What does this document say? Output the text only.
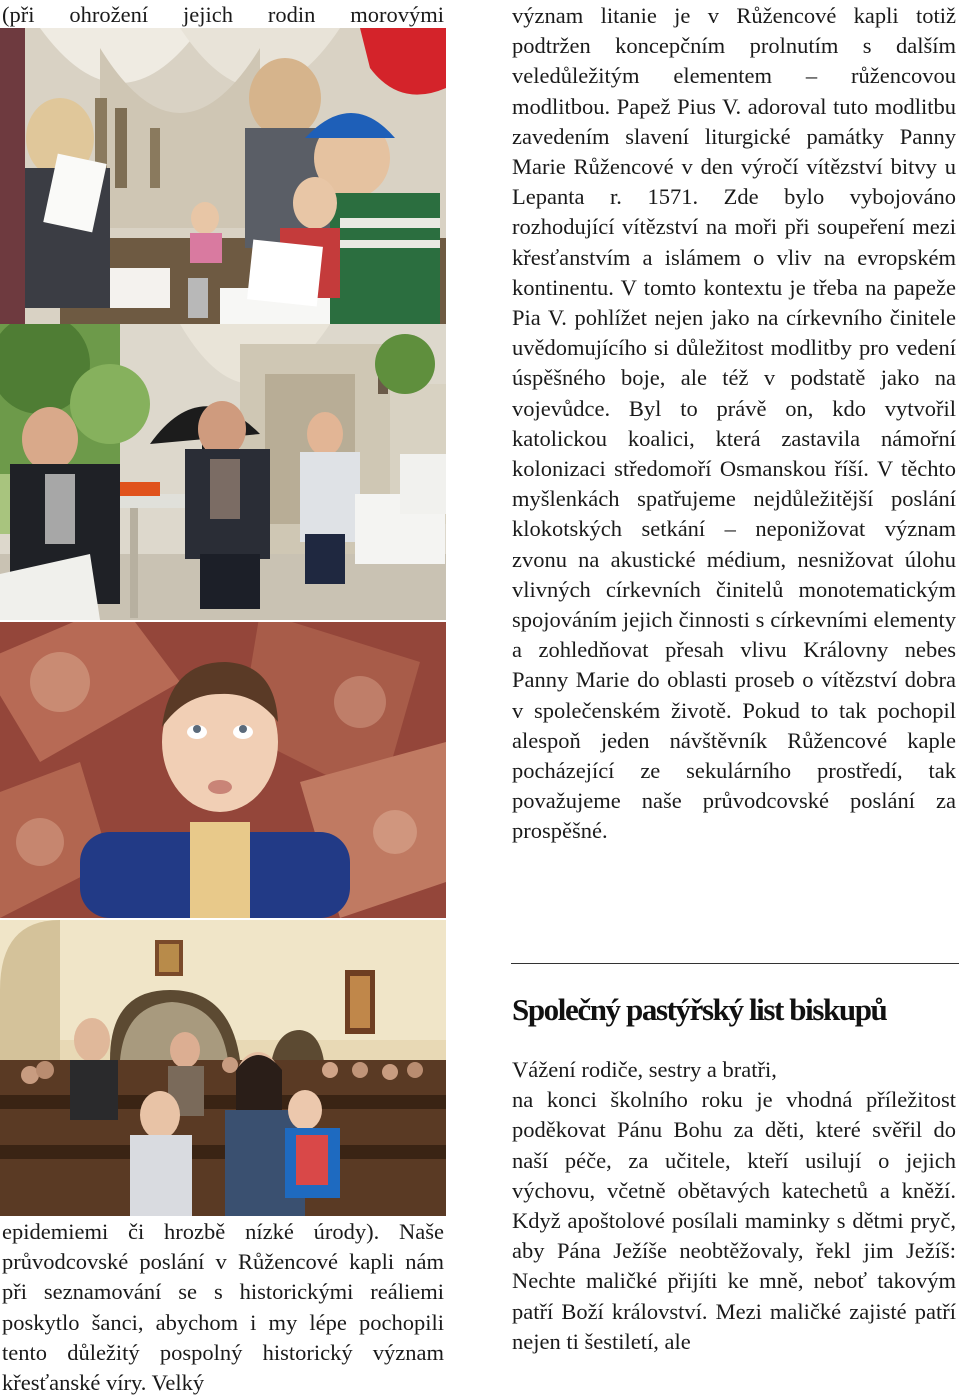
(při ohrožení jejich rodin morovými

epidemiemi či hrozbě nízké úrody). Naše průvodcovské poslání v Růžencové kapli nám při seznamování se s historickými reáliemi poskytlo šanci, abychom i my lépe pochopili tento důležitý pospolný historický význam křesťanské víry. Velký

význam litanie je v Růžencové kapli totiž podtržen koncepčním prolnutím s dalším veledůležitým elementem – růžencovou modlitbou. Papež Pius V. adoroval tuto modlitbu zavedením slavení liturgické památky Panny Marie Růžencové v den výročí vítězství bitvy u Lepanta r. 1571. Zde bylo vybojováno rozhodující vítězství na moři při soupeření mezi křesťanstvím a islámem o vliv na evropském kontinentu. V tomto kontextu je třeba na papeže Pia V. pohlížet nejen jako na církevního činitele uvědomujícího si důležitost modlitby pro vedení úspěšného boje, ale též v podstatě jako na vojevůdce. Byl to právě on, kdo vytvořil katolickou koalici, která zastavila námořní kolonizaci středomoří Osmanskou říší. V těchto myšlenkách spatřujeme nejdůležitější poslání klokotských setkání – neponižovat význam zvonu na akustické médium, nesnižovat úlohu vlivných církevních činitelů monotematickým spojováním jejich činnosti s církevními elementy a zohledňovat přesah vlivu Královny nebes Panny Marie do oblasti proseb o vítězství dobra v společenském životě. Pokud to tak pochopil alespoň jeden návštěvník Růžencové kaple pocházející ze sekulárního prostředí, tak považujeme naše průvodcovské poslání za prospěšné.

Společný pastýřský list biskupů
Vážení rodiče, sestry a bratři,
na konci školního roku je vhodná příležitost poděkovat Pánu Bohu za děti, které svěřil do naší péče, za učitele, kteří usilují o jejich výchovu, včetně obětavých katechetů a kněží. Když apoštolové posílali maminky s dětmi pryč, aby Pána Ježíše neobtěžovaly, řekl jim Ježíš: Nechte maličké přijíti ke mně, neboť takovým patří Boží království. Mezi maličké zajisté patří nejen ti šestiletí, ale
